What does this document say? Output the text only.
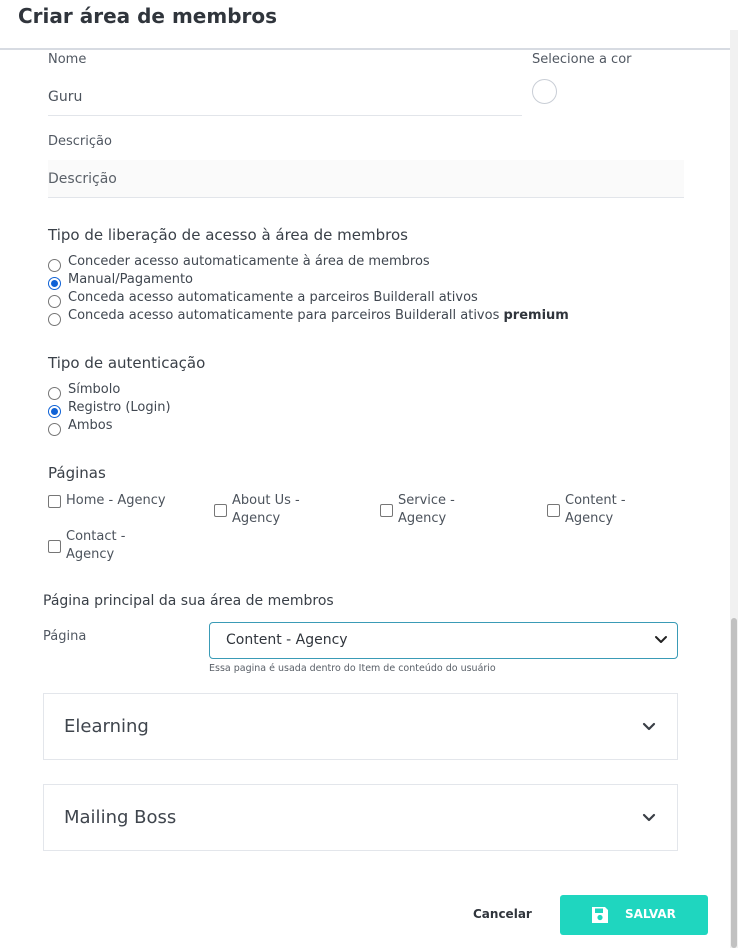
Criar área de membros
Nome
Guru
Selecione a cor
Descrição
Descrição
Tipo de liberação de acesso à área de membros
Conceder acesso automaticamente à área de membros
Manual/Pagamento
Conceda acesso automaticamente a parceiros Builderall ativos
Conceda acesso automaticamente para parceiros Builderall ativos premium
Tipo de autenticação
Símbolo
Registro (Login)
Ambos
Páginas
Home - Agency	About Us -
Agency
Service -
Agency
Content -
Agency
Contact -
Agency
Página principal da sua área de membros
Página	Content - Agency
Essa pagina é usada dentro do Item de conteúdo do usuário
Elearning
Mailing Boss
Cancelar	SALVAR
